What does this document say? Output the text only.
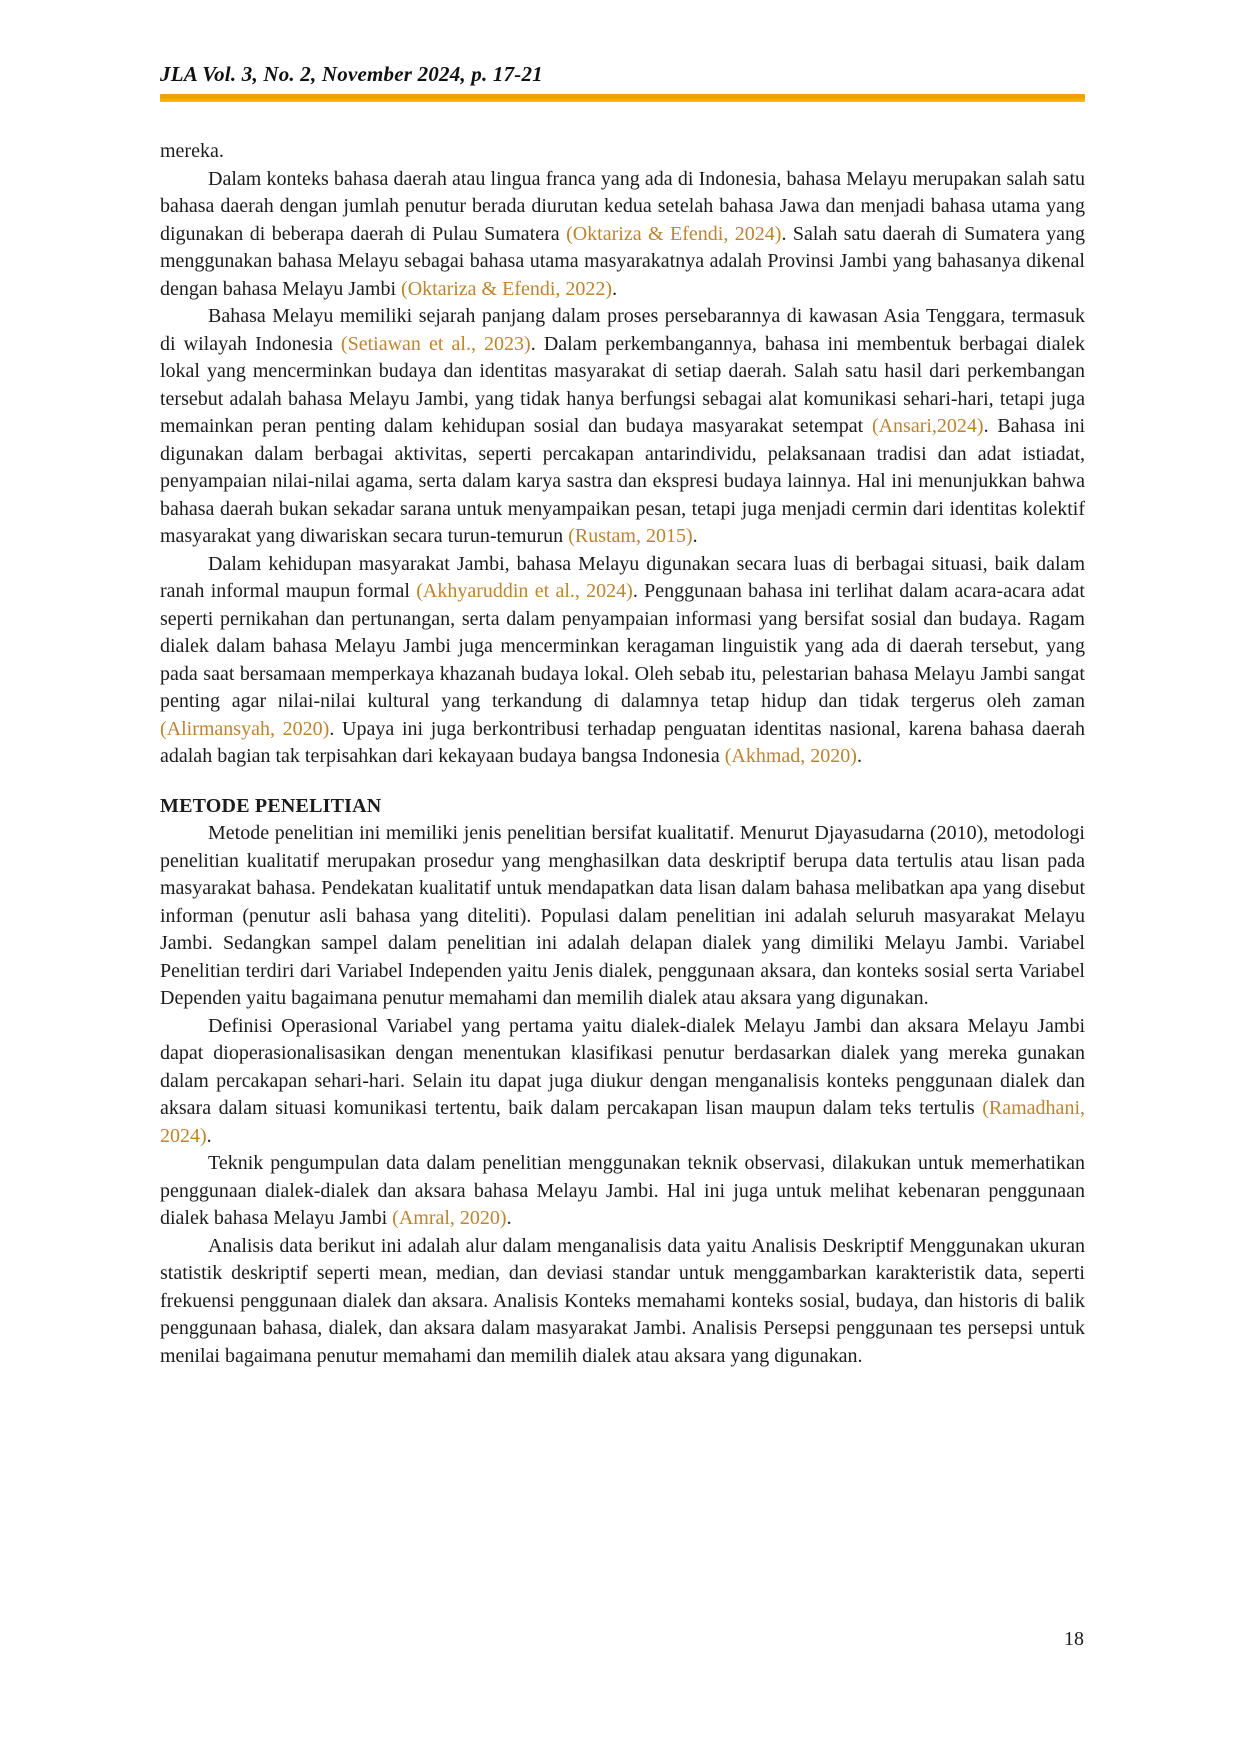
JLA Vol. 3, No. 2, November 2024, p. 17-21

mereka.

Dalam konteks bahasa daerah atau lingua franca yang ada di Indonesia, bahasa Melayu merupakan salah satu bahasa daerah dengan jumlah penutur berada diurutan kedua setelah bahasa Jawa dan menjadi bahasa utama yang digunakan di beberapa daerah di Pulau Sumatera (Oktariza & Efendi, 2024). Salah satu daerah di Sumatera yang menggunakan bahasa Melayu sebagai bahasa utama masyarakatnya adalah Provinsi Jambi yang bahasanya dikenal dengan bahasa Melayu Jambi (Oktariza & Efendi, 2022).

Bahasa Melayu memiliki sejarah panjang dalam proses persebarannya di kawasan Asia Tenggara, termasuk di wilayah Indonesia (Setiawan et al., 2023). Dalam perkembangannya, bahasa ini membentuk berbagai dialek lokal yang mencerminkan budaya dan identitas masyarakat di setiap daerah. Salah satu hasil dari perkembangan tersebut adalah bahasa Melayu Jambi, yang tidak hanya berfungsi sebagai alat komunikasi sehari-hari, tetapi juga memainkan peran penting dalam kehidupan sosial dan budaya masyarakat setempat (Ansari,2024). Bahasa ini digunakan dalam berbagai aktivitas, seperti percakapan antarindividu, pelaksanaan tradisi dan adat istiadat, penyampaian nilai-nilai agama, serta dalam karya sastra dan ekspresi budaya lainnya. Hal ini menunjukkan bahwa bahasa daerah bukan sekadar sarana untuk menyampaikan pesan, tetapi juga menjadi cermin dari identitas kolektif masyarakat yang diwariskan secara turun-temurun (Rustam, 2015).

Dalam kehidupan masyarakat Jambi, bahasa Melayu digunakan secara luas di berbagai situasi, baik dalam ranah informal maupun formal (Akhyaruddin et al., 2024). Penggunaan bahasa ini terlihat dalam acara-acara adat seperti pernikahan dan pertunangan, serta dalam penyampaian informasi yang bersifat sosial dan budaya. Ragam dialek dalam bahasa Melayu Jambi juga mencerminkan keragaman linguistik yang ada di daerah tersebut, yang pada saat bersamaan memperkaya khazanah budaya lokal. Oleh sebab itu, pelestarian bahasa Melayu Jambi sangat penting agar nilai-nilai kultural yang terkandung di dalamnya tetap hidup dan tidak tergerus oleh zaman (Alirmansyah, 2020). Upaya ini juga berkontribusi terhadap penguatan identitas nasional, karena bahasa daerah adalah bagian tak terpisahkan dari kekayaan budaya bangsa Indonesia (Akhmad, 2020).

METODE PENELITIAN

Metode penelitian ini memiliki jenis penelitian bersifat kualitatif. Menurut Djayasudarna (2010), metodologi penelitian kualitatif merupakan prosedur yang menghasilkan data deskriptif berupa data tertulis atau lisan pada masyarakat bahasa. Pendekatan kualitatif untuk mendapatkan data lisan dalam bahasa melibatkan apa yang disebut informan (penutur asli bahasa yang diteliti). Populasi dalam penelitian ini adalah seluruh masyarakat Melayu Jambi. Sedangkan sampel dalam penelitian ini adalah delapan dialek yang dimiliki Melayu Jambi. Variabel Penelitian terdiri dari Variabel Independen yaitu Jenis dialek, penggunaan aksara, dan konteks sosial serta Variabel Dependen yaitu bagaimana penutur memahami dan memilih dialek atau aksara yang digunakan.

Definisi Operasional Variabel yang pertama yaitu dialek-dialek Melayu Jambi dan aksara Melayu Jambi dapat dioperasionalisasikan dengan menentukan klasifikasi penutur berdasarkan dialek yang mereka gunakan dalam percakapan sehari-hari. Selain itu dapat juga diukur dengan menganalisis konteks penggunaan dialek dan aksara dalam situasi komunikasi tertentu, baik dalam percakapan lisan maupun dalam teks tertulis (Ramadhani, 2024).

Teknik pengumpulan data dalam penelitian menggunakan teknik observasi, dilakukan untuk memerhatikan penggunaan dialek-dialek dan aksara bahasa Melayu Jambi. Hal ini juga untuk melihat kebenaran penggunaan dialek bahasa Melayu Jambi (Amral, 2020).

Analisis data berikut ini adalah alur dalam menganalisis data yaitu Analisis Deskriptif Menggunakan ukuran statistik deskriptif seperti mean, median, dan deviasi standar untuk menggambarkan karakteristik data, seperti frekuensi penggunaan dialek dan aksara. Analisis Konteks memahami konteks sosial, budaya, dan historis di balik penggunaan bahasa, dialek, dan aksara dalam masyarakat Jambi. Analisis Persepsi penggunaan tes persepsi untuk menilai bagaimana penutur memahami dan memilih dialek atau aksara yang digunakan.

18
